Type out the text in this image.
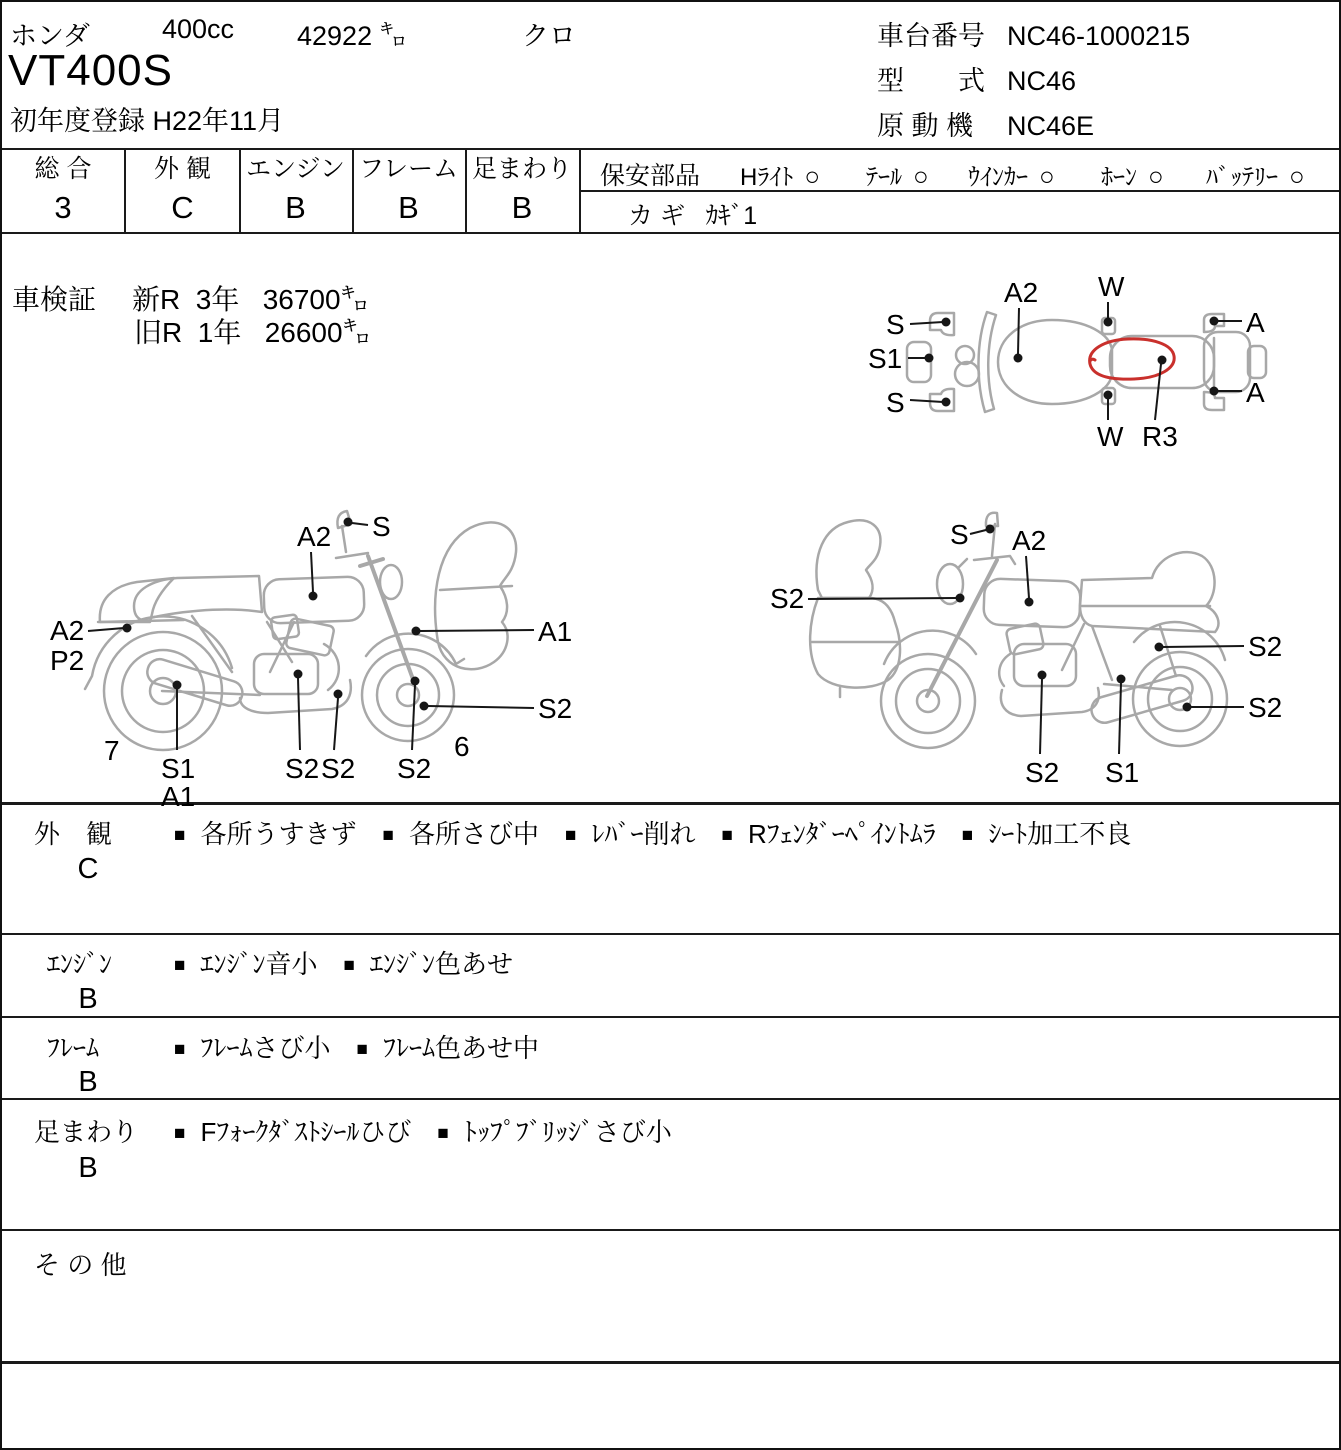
ホンダ	400cc 42922 ㌔	クロ
VT400S
初年度登録 H22年11月
車台番号 NC46-1000215
型　　式 NC46
原 動 機 NC46E
総 合
3
外 観
C
エンジン
B
フレーム
B
足まわり
B
保安部品 Hﾗｲﾄ ○ ﾃｰﾙ ○ ｳｲﾝｶｰ ○ ﾎｰﾝ ○ ﾊﾞｯﾃﾘｰ ○
カ ギ ｶｷﾞ1
車検証 新R 3年 36700㌔
旧R 1年 26600㌔	S
S1
S
A2 W
A
A
W R3
A2 S
A2
P2
7
S1
A1
S2 S2 S2
6
S2
A1
S A2
S2
S2 S1
S2
S2
外　観
C
■ 各所うすきず ■ 各所さび中 ■ ﾚﾊﾞｰ削れ ■ Rﾌｪﾝﾀﾞｰﾍﾟｲﾝﾄﾑﾗ ■ ｼｰﾄ加工不良
ｴﾝｼﾞﾝ
B
■ ｴﾝｼﾞﾝ音小 ■ ｴﾝｼﾞﾝ色あせ
ﾌﾚｰﾑ
B
■ ﾌﾚｰﾑさび小 ■ ﾌﾚｰﾑ色あせ中
足まわり
B
■ Fﾌｫｰｸﾀﾞｽﾄｼｰﾙひび ■ ﾄｯﾌﾟﾌﾞﾘｯｼﾞさび小
そ の 他
